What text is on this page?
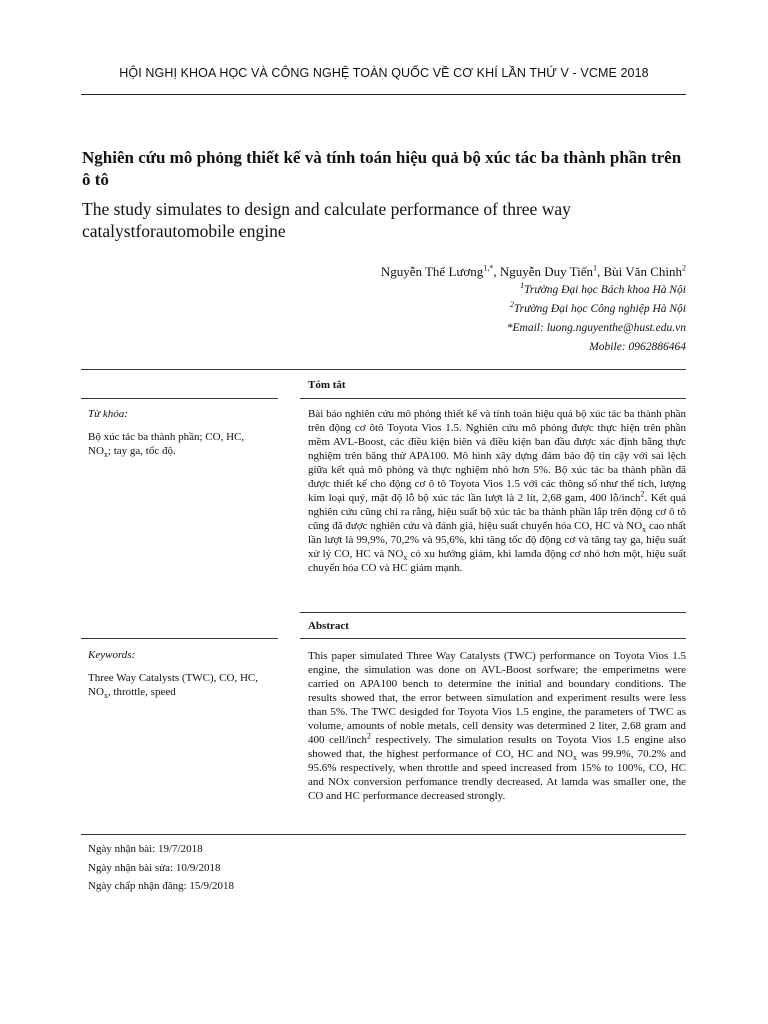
HỘI NGHỊ KHOA HỌC VÀ CÔNG NGHỆ TOÀN QUỐC VỀ CƠ KHÍ LẦN THỨ V - VCME 2018
Nghiên cứu mô phỏng thiết kế và tính toán hiệu quả bộ xúc tác ba thành phần trên ô tô
The study simulates to design and calculate performance of three way catalystforautomobile engine
Nguyễn Thế Lương$^{1,*}$, Nguyễn Duy Tiến$^1$, Bùi Văn Chinh$^2$
$^1$Trường Đại học Bách khoa Hà Nội
$^2$Trường Đại học Công nghiệp Hà Nội
*Email: luong.nguyenthe@hust.edu.vn
Mobile: 0962886464
Tóm tắt
Từ khóa:
Bộ xúc tác ba thành phần; CO, HC, $NO_x$; tay ga, tốc độ.
Bài báo nghiên cứu mô phỏng thiết kế và tính toán hiệu quả bộ xúc tác ba thành phần trên động cơ ôtô Toyota Vios 1.5. Nghiên cứu mô phỏng được thực hiện trên phần mềm AVL-Boost, các điều kiện biên và điều kiện ban đầu được xác định bằng thực nghiệm trên băng thử APA100. Mô hình xây dựng đảm bảo độ tin cậy với sai lệch giữa kết quả mô phỏng và thực nghiệm nhỏ hơn 5%. Bộ xúc tác ba thành phần đã được thiết kế cho động cơ ô tô Toyota Vios 1.5 với các thông số như thể tích, lượng kim loại quý, mật độ lỗ bộ xúc tác lần lượt là 2 lít, 2,68 gam, 400 lỗ/inch$^2$. Kết quả nghiên cứu cũng chỉ ra rằng, hiệu suất bộ xúc tác ba thành phần lắp trên động cơ ô tô cũng đã được nghiên cứu và đánh giá, hiệu suất chuyển hóa CO, HC và $NO_x$ cao nhất lần lượt là 99,9%, 70,2% và 95,6%, khi tăng tốc độ động cơ và tăng tay ga, hiệu suất xử lý CO, HC và $NO_x$ có xu hướng giảm, khi lamđa động cơ nhỏ hơn một, hiệu suất chuyển hóa CO và HC giảm mạnh.
Abstract
Keywords:
Three Way Catalysts (TWC), CO, HC, $NO_x$, throttle, speed
This paper simulated Three Way Catalysts (TWC) performance on Toyota Vios 1.5 engine, the simulation was done on AVL-Boost sorfware; the emperimetns were carried on APA100 bench to determine the initial and boundary conditions. The results showed that, the error between simulation and experiment results were less than 5%. The TWC desigded for Toyota Vios 1.5 engine, the parameters of TWC as volume, amounts of noble metals, cell density was determined 2 liter, 2.68 gram and 400 cell/inch$^2$ respectively. The simulation results on Toyota Vios 1.5 engine also showed that, the highest performance of CO, HC and $NO_x$ was 99.9%, 70.2% and 95.6% respectively, when throttle and speed increased from 15% to 100%, CO, HC and NOx conversion perfomance trendly decreased. At lamda was smaller one, the CO and HC performance decreased strongly.
Ngày nhận bài: 19/7/2018
Ngày nhận bài sửa: 10/9/2018
Ngày chấp nhận đăng: 15/9/2018
